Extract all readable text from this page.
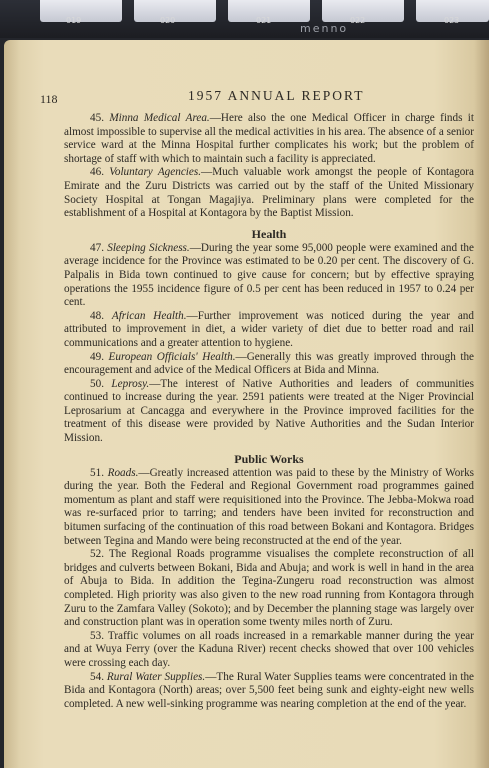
019	020	021	022	023
menno
118	1957 ANNUAL REPORT

45. Minna Medical Area.—Here also the one Medical Officer in charge finds it almost impossible to supervise all the medical activities in his area. The absence of a senior service ward at the Minna Hospital further complicates his work; but the problem of shortage of staff with which to maintain such a facility is appreciated.

46. Voluntary Agencies.—Much valuable work amongst the people of Kontagora Emirate and the Zuru Districts was carried out by the staff of the United Missionary Society Hospital at Tongan Magajiya. Preliminary plans were completed for the establishment of a Hospital at Kontagora by the Baptist Mission.

Health

47. Sleeping Sickness.—During the year some 95,000 people were examined and the average incidence for the Province was estimated to be 0.20 per cent. The discovery of G. Palpalis in Bida town continued to give cause for concern; but by effective spraying operations the 1955 incidence figure of 0.5 per cent has been reduced in 1957 to 0.24 per cent.

48. African Health.—Further improvement was noticed during the year and attributed to improvement in diet, a wider variety of diet due to better road and rail communications and a greater attention to hygiene.

49. European Officials' Health.—Generally this was greatly improved through the encouragement and advice of the Medical Officers at Bida and Minna.

50. Leprosy.—The interest of Native Authorities and leaders of communities continued to increase during the year. 2591 patients were treated at the Niger Provincial Leprosarium at Cancagga and everywhere in the Province improved facilities for the treatment of this disease were provided by Native Authorities and the Sudan Interior Mission.

Public Works

51. Roads.—Greatly increased attention was paid to these by the Ministry of Works during the year. Both the Federal and Regional Government road programmes gained momentum as plant and staff were requisitioned into the Province. The Jebba-Mokwa road was re-surfaced prior to tarring; and tenders have been invited for reconstruction and bitumen surfacing of the continuation of this road between Bokani and Kontagora. Bridges between Tegina and Mando were being reconstructed at the end of the year.

52. The Regional Roads programme visualises the complete reconstruction of all bridges and culverts between Bokani, Bida and Abuja; and work is well in hand in the area of Abuja to Bida. In addition the Tegina-Zungeru road reconstruction was almost completed. High priority was also given to the new road running from Kontagora through Zuru to the Zamfara Valley (Sokoto); and by December the planning stage was largely over and construction plant was in operation some twenty miles north of Zuru.

53. Traffic volumes on all roads increased in a remarkable manner during the year and at Wuya Ferry (over the Kaduna River) recent checks showed that over 100 vehicles were crossing each day.

54. Rural Water Supplies.—The Rural Water Supplies teams were concentrated in the Bida and Kontagora (North) areas; over 5,500 feet being sunk and eighty-eight new wells completed. A new well-sinking programme was nearing completion at the end of the year.
